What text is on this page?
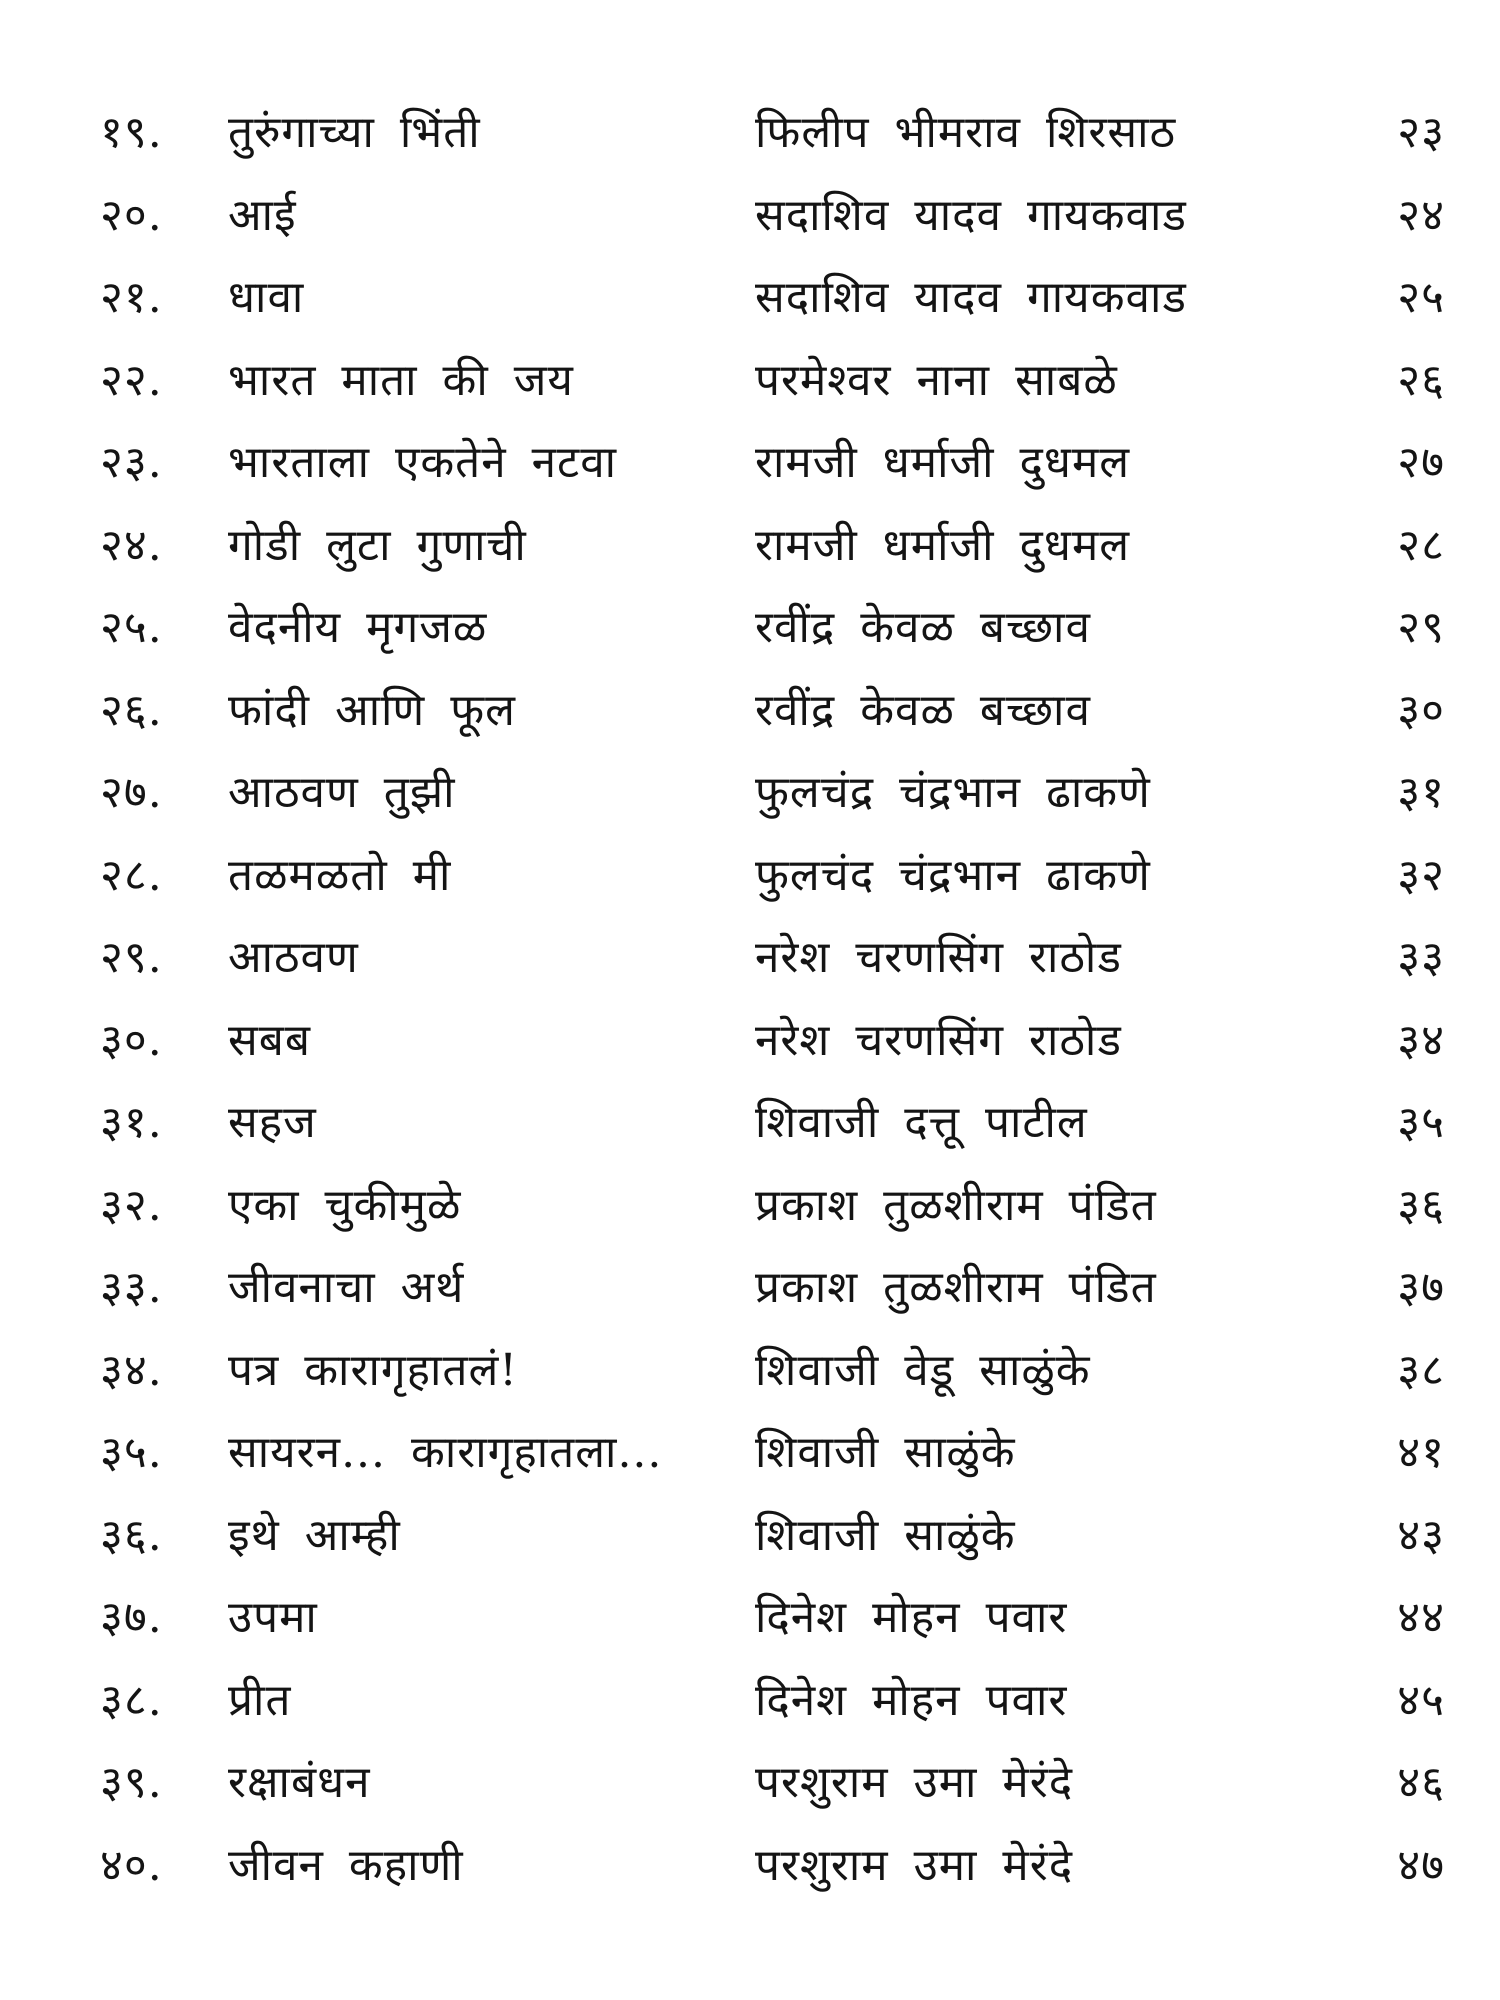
१९.	तुरुंगाच्या भिंती	फिलीप भीमराव शिरसाठ	२३
२०.	आई	सदाशिव यादव गायकवाड	२४
२१.	धावा	सदाशिव यादव गायकवाड	२५
२२.	भारत माता की जय	परमेश्वर नाना साबळे	२६
२३.	भारताला एकतेने नटवा	रामजी धर्माजी दुधमल	२७
२४.	गोडी लुटा गुणाची	रामजी धर्माजी दुधमल	२८
२५.	वेदनीय मृगजळ	रवींद्र केवळ बच्छाव	२९
२६.	फांदी आणि फूल	रवींद्र केवळ बच्छाव	३०
२७.	आठवण तुझी	फुलचंद्र चंद्रभान ढाकणे	३१
२८.	तळमळतो मी	फुलचंद चंद्रभान ढाकणे	३२
२९.	आठवण	नरेश चरणसिंग राठोड	३३
३०.	सबब	नरेश चरणसिंग राठोड	३४
३१.	सहज	शिवाजी दत्तू पाटील	३५
३२.	एका चुकीमुळे	प्रकाश तुळशीराम पंडित	३६
३३.	जीवनाचा अर्थ	प्रकाश तुळशीराम पंडित	३७
३४.	पत्र कारागृहातलं!	शिवाजी वेडू साळुंके	३८
३५.	सायरन... कारागृहातला...	शिवाजी साळुंके	४१
३६.	इथे आम्ही	शिवाजी साळुंके	४३
३७.	उपमा	दिनेश मोहन पवार	४४
३८.	प्रीत	दिनेश मोहन पवार	४५
३९.	रक्षाबंधन	परशुराम उमा मेरंदे	४६
४०.	जीवन कहाणी	परशुराम उमा मेरंदे	४७
